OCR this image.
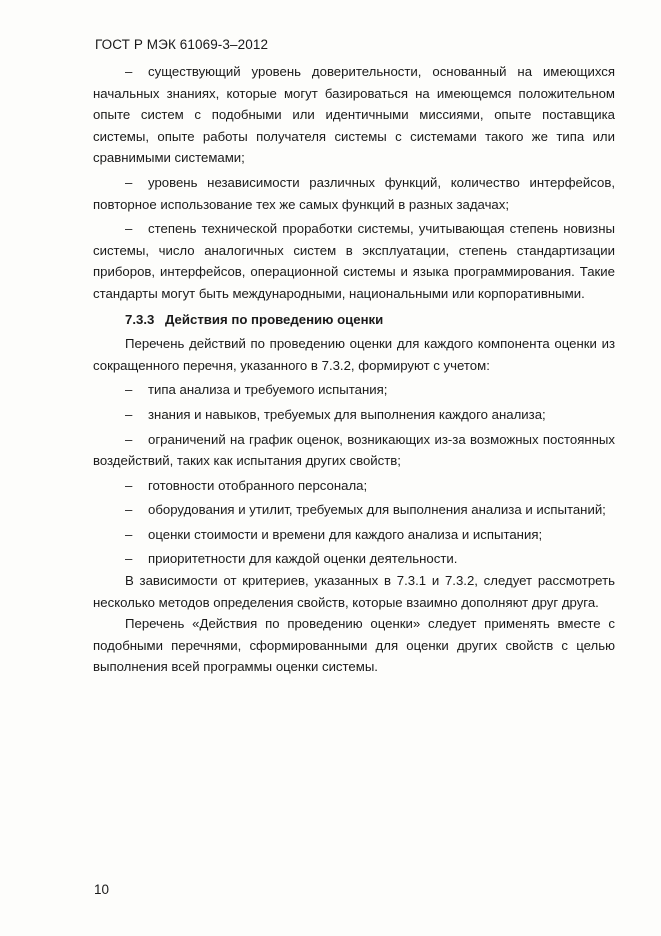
ГОСТ Р МЭК 61069-3–2012

– существующий уровень доверительности, основанный на имеющихся начальных знаниях, которые могут базироваться на имеющемся положительном опыте систем с подобными или идентичными миссиями, опыте поставщика системы, опыте работы получателя системы с системами такого же типа или сравнимыми системами;

– уровень независимости различных функций, количество интерфейсов, повторное использование тех же самых функций в разных задачах;

– степень технической проработки системы, учитывающая степень новизны системы, число аналогичных систем в эксплуатации, степень стандартизации приборов, интерфейсов, операционной системы и языка программирования. Такие стандарты могут быть международными, национальными или корпоративными.

7.3.3 Действия по проведению оценки

Перечень действий по проведению оценки для каждого компонента оценки из сокращенного перечня, указанного в 7.3.2, формируют с учетом:

– типа анализа и требуемого испытания;

– знания и навыков, требуемых для выполнения каждого анализа;

– ограничений на график оценок, возникающих из-за возможных постоянных воздействий, таких как испытания других свойств;

– готовности отобранного персонала;

– оборудования и утилит, требуемых для выполнения анализа и испытаний;

– оценки стоимости и времени для каждого анализа и испытания;

– приоритетности для каждой оценки деятельности.

В зависимости от критериев, указанных в 7.3.1 и 7.3.2, следует рассмотреть несколько методов определения свойств, которые взаимно дополняют друг друга.

Перечень «Действия по проведению оценки» следует применять вместе с подобными перечнями, сформированными для оценки других свойств с целью выполнения всей программы оценки системы.

10
